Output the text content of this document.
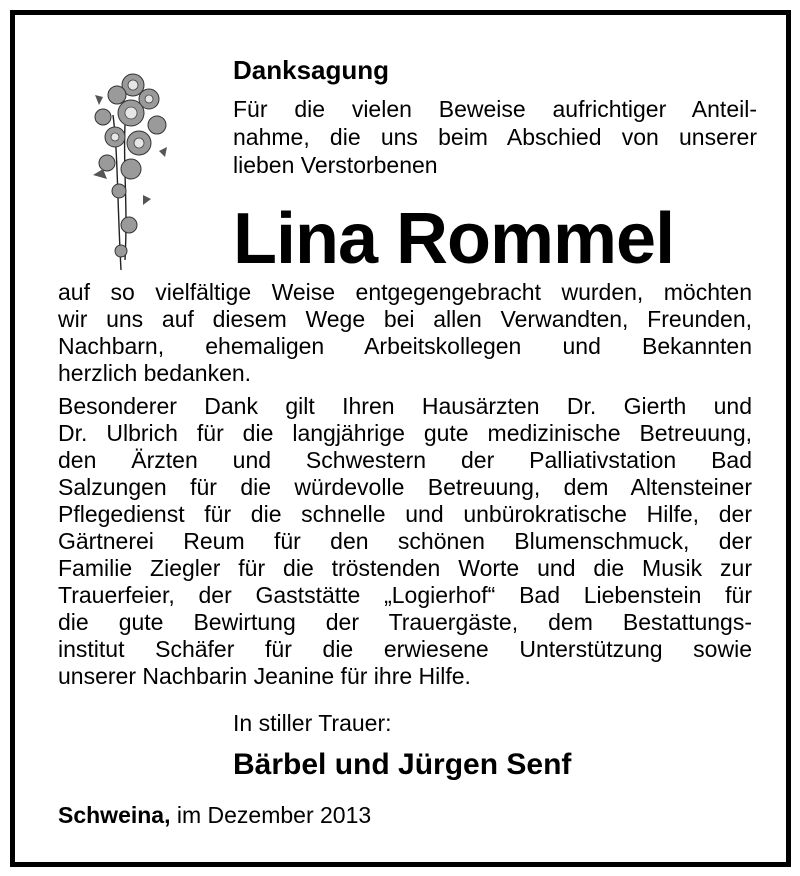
Danksagung
Für die vielen Beweise aufrichtiger Anteil-
nahme, die uns beim Abschied von unserer
lieben Verstorbenen
Lina Rommel
auf so vielfältige Weise entgegengebracht wurden, möchten
wir uns auf diesem Wege bei allen Verwandten, Freunden,
Nachbarn, ehemaligen Arbeitskollegen und Bekannten
herzlich bedanken.
Besonderer Dank gilt Ihren Hausärzten Dr. Gierth und
Dr. Ulbrich für die langjährige gute medizinische Betreuung,
den Ärzten und Schwestern der Palliativstation Bad
Salzungen für die würdevolle Betreuung, dem Altensteiner
Pflegedienst für die schnelle und unbürokratische Hilfe, der
Gärtnerei Reum für den schönen Blumenschmuck, der
Familie Ziegler für die tröstenden Worte und die Musik zur
Trauerfeier, der Gaststätte „Logierhof“ Bad Liebenstein für
die gute Bewirtung der Trauergäste, dem Bestattungs-
institut Schäfer für die erwiesene Unterstützung sowie
unserer Nachbarin Jeanine für ihre Hilfe.
In stiller Trauer:
Bärbel und Jürgen Senf
Schweina, im Dezember 2013
